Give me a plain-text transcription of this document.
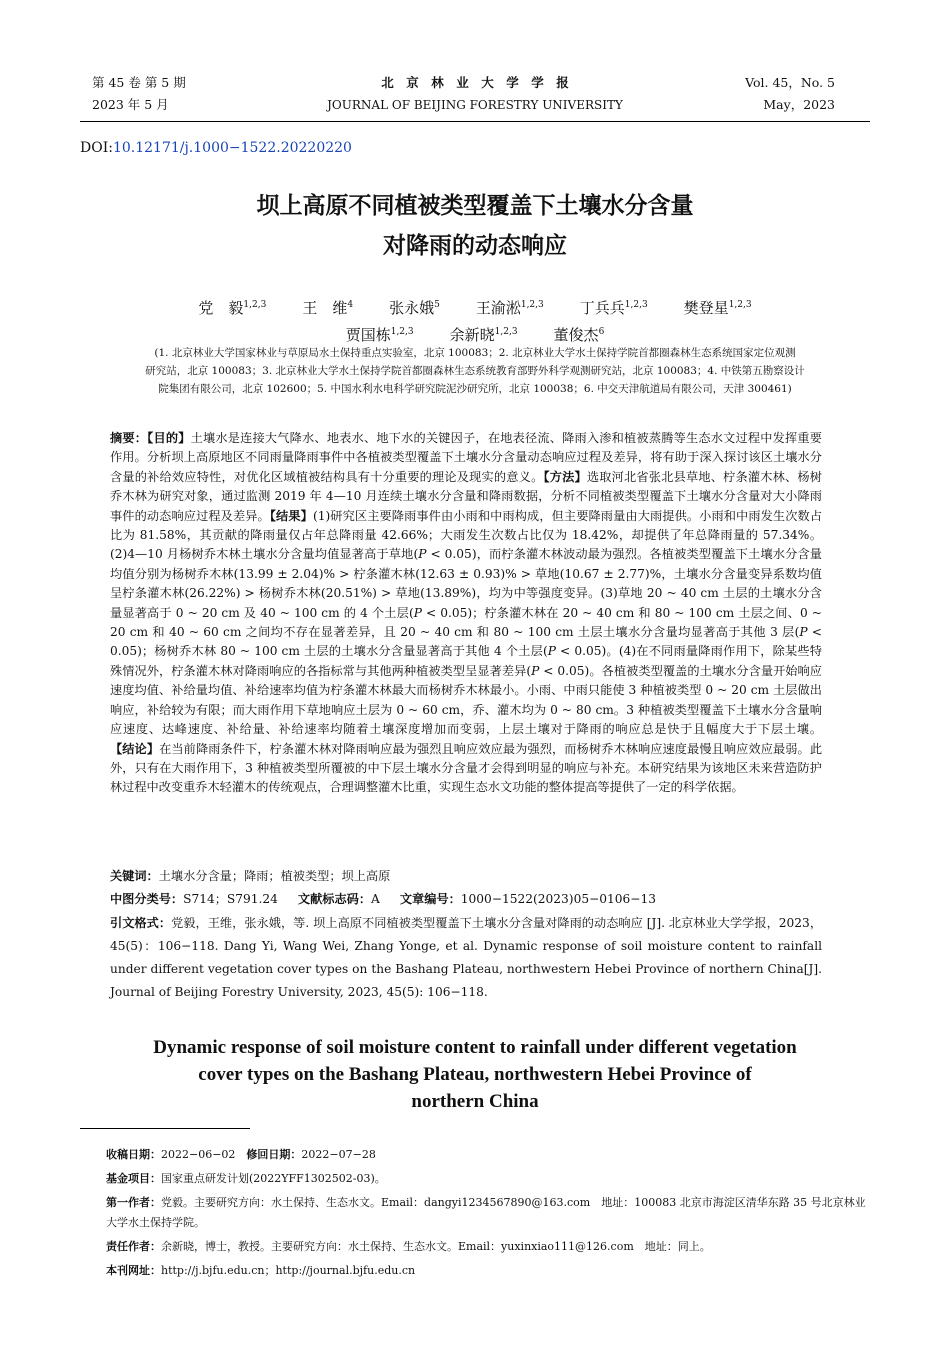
第 45 卷 第 5 期
2023 年 5 月
北　京　林　业　大　学　学　报
JOURNAL OF BEIJING FORESTRY UNIVERSITY
Vol. 45，No. 5
May，2023
DOI:10.12171/j.1000−1522.20220220
坝上高原不同植被类型覆盖下土壤水分含量
对降雨的动态响应
党　毅$^{1,2,3}$ 王　维$^4$ 张永娥$^5$ 王渝淞$^{1,2,3}$ 丁兵兵$^{1,2,3}$ 樊登星$^{1,2,3}$
贾国栋$^{1,2,3}$ 余新晓$^{1,2,3}$ 董俊杰$^6$
(1. 北京林业大学国家林业与草原局水土保持重点实验室，北京 100083；2. 北京林业大学水土保持学院首都圈森林生态系统国家定位观测
研究站，北京 100083；3. 北京林业大学水土保持学院首都圈森林生态系统教育部野外科学观测研究站，北京 100083；4. 中铁第五勘察设计
院集团有限公司，北京 102600；5. 中国水利水电科学研究院泥沙研究所，北京 100038；6. 中交天津航道局有限公司，天津 300461)
摘要：【目的】土壤水是连接大气降水、地表水、地下水的关键因子，在地表径流、降雨入渗和植被蒸腾等生态水文过程中发挥重要作用。分析坝上高原地区不同雨量降雨事件中各植被类型覆盖下土壤水分含量动态响应过程及差异，将有助于深入探讨该区土壤水分含量的补给效应特性，对优化区域植被结构具有十分重要的理论及现实的意义。【方法】选取河北省张北县草地、柠条灌木林、杨树乔木林为研究对象，通过监测 2019 年 4—10 月连续土壤水分含量和降雨数据，分析不同植被类型覆盖下土壤水分含量对大小降雨事件的动态响应过程及差异。【结果】(1)研究区主要降雨事件由小雨和中雨构成，但主要降雨量由大雨提供。小雨和中雨发生次数占比为 81.58%，其贡献的降雨量仅占年总降雨量 42.66%；大雨发生次数占比仅为 18.42%，却提供了年总降雨量的 57.34%。(2)4—10 月杨树乔木林土壤水分含量均值显著高于草地(P < 0.05)，而柠条灌木林波动最为强烈。各植被类型覆盖下土壤水分含量均值分别为杨树乔木林(13.99 ± 2.04)% > 柠条灌木林(12.63 ± 0.93)% > 草地(10.67 ± 2.77)%，土壤水分含量变异系数均值呈柠条灌木林(26.22%) > 杨树乔木林(20.51%) > 草地(13.89%)，均为中等强度变异。(3)草地 20 ~ 40 cm 土层的土壤水分含量显著高于 0 ~ 20 cm 及 40 ~ 100 cm 的 4 个土层(P < 0.05)；柠条灌木林在 20 ~ 40 cm 和 80 ~ 100 cm 土层之间、0 ~ 20 cm 和 40 ~ 60 cm 之间均不存在显著差异，且 20 ~ 40 cm 和 80 ~ 100 cm 土层土壤水分含量均显著高于其他 3 层(P < 0.05)；杨树乔木林 80 ~ 100 cm 土层的土壤水分含量显著高于其他 4 个土层(P < 0.05)。(4)在不同雨量降雨作用下，除某些特殊情况外，柠条灌木林对降雨响应的各指标常与其他两种植被类型呈显著差异(P < 0.05)。各植被类型覆盖的土壤水分含量开始响应速度均值、补给量均值、补给速率均值为柠条灌木林最大而杨树乔木林最小。小雨、中雨只能使 3 种植被类型 0 ~ 20 cm 土层做出响应，补给较为有限；而大雨作用下草地响应土层为 0 ~ 60 cm，乔、灌木均为 0 ~ 80 cm。3 种植被类型覆盖下土壤水分含量响应速度、达峰速度、补给量、补给速率均随着土壤深度增加而变弱，上层土壤对于降雨的响应总是快于且幅度大于下层土壤。【结论】在当前降雨条件下，柠条灌木林对降雨响应最为强烈且响应效应最为强烈，而杨树乔木林响应速度最慢且响应效应最弱。此外，只有在大雨作用下，3 种植被类型所覆被的中下层土壤水分含量才会得到明显的响应与补充。本研究结果为该地区未来营造防护林过程中改变重乔木轻灌木的传统观点，合理调整灌木比重，实现生态水文功能的整体提高等提供了一定的科学依据。
关键词：土壤水分含量；降雨；植被类型；坝上高原
中图分类号：S714；S791.24 文献标志码：A 文章编号：1000−1522(2023)05−0106−13
引文格式：党毅，王维，张永娥，等. 坝上高原不同植被类型覆盖下土壤水分含量对降雨的动态响应 [J]. 北京林业大学学报，2023，45(5)：106−118. Dang Yi, Wang Wei, Zhang Yonge, et al. Dynamic response of soil moisture content to rainfall under different vegetation cover types on the Bashang Plateau, northwestern Hebei Province of northern China[J]. Journal of Beijing Forestry University, 2023, 45(5): 106−118.
Dynamic response of soil moisture content to rainfall under different vegetation
cover types on the Bashang Plateau, northwestern Hebei Province of
northern China
收稿日期：2022−06−02　 修回日期：2022−07−28
基金项目：国家重点研发计划(2022YFF1302502-03)。
第一作者：党毅。主要研究方向：水土保持、生态水文。Email：dangyi1234567890@163.com　地址：100083 北京市海淀区清华东路 35 号北京林业大学水土保持学院。
责任作者：余新晓，博士，教授。主要研究方向：水土保持、生态水文。Email：yuxinxiao111@126.com　地址：同上。
本刊网址：http://j.bjfu.edu.cn；http://journal.bjfu.edu.cn
